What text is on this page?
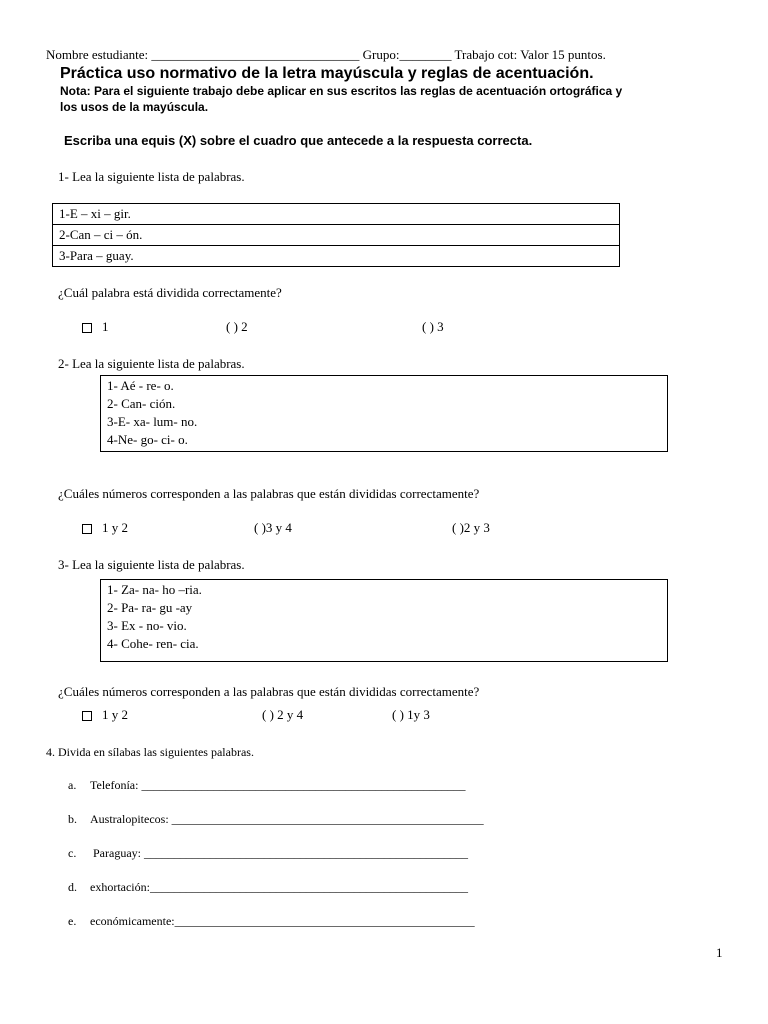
Nombre estudiante: ________________________________ Grupo:________ Trabajo cot: Valor 15 puntos.
Práctica uso normativo de la letra mayúscula y reglas de acentuación.
Nota: Para el siguiente trabajo debe aplicar en sus escritos las reglas de acentuación ortográfica y
los usos de la mayúscula.
Escriba una equis (X) sobre el cuadro que antecede a la respuesta correcta.
1- Lea la siguiente lista de palabras.
1-E – xi – gir.
2-Can – ci – ón.
3-Para – guay.
¿Cuál palabra está dividida correctamente?
1	( ) 2	( ) 3
2- Lea la siguiente lista de palabras.
1- Aé - re- o.
2- Can- ción.
3-E- xa- lum- no.
4-Ne- go- ci- o.
¿Cuáles números corresponden a las palabras que están divididas correctamente?
1 y 2	( )3 y 4	( )2 y 3
3- Lea la siguiente lista de palabras.
1- Za- na- ho –ria.
2- Pa- ra- gu -ay
3- Ex - no- vio.
4- Cohe- ren- cia.
¿Cuáles números corresponden a las palabras que están divididas correctamente?
1 y 2	( ) 2 y 4	( ) 1y 3
4. Divida en sílabas las siguientes palabras.
a. Telefonía: ______________________________________________________
b. Australopitecos: ____________________________________________________
c. Paraguay: ______________________________________________________
d. exhortación:_____________________________________________________
e. económicamente:__________________________________________________
1
